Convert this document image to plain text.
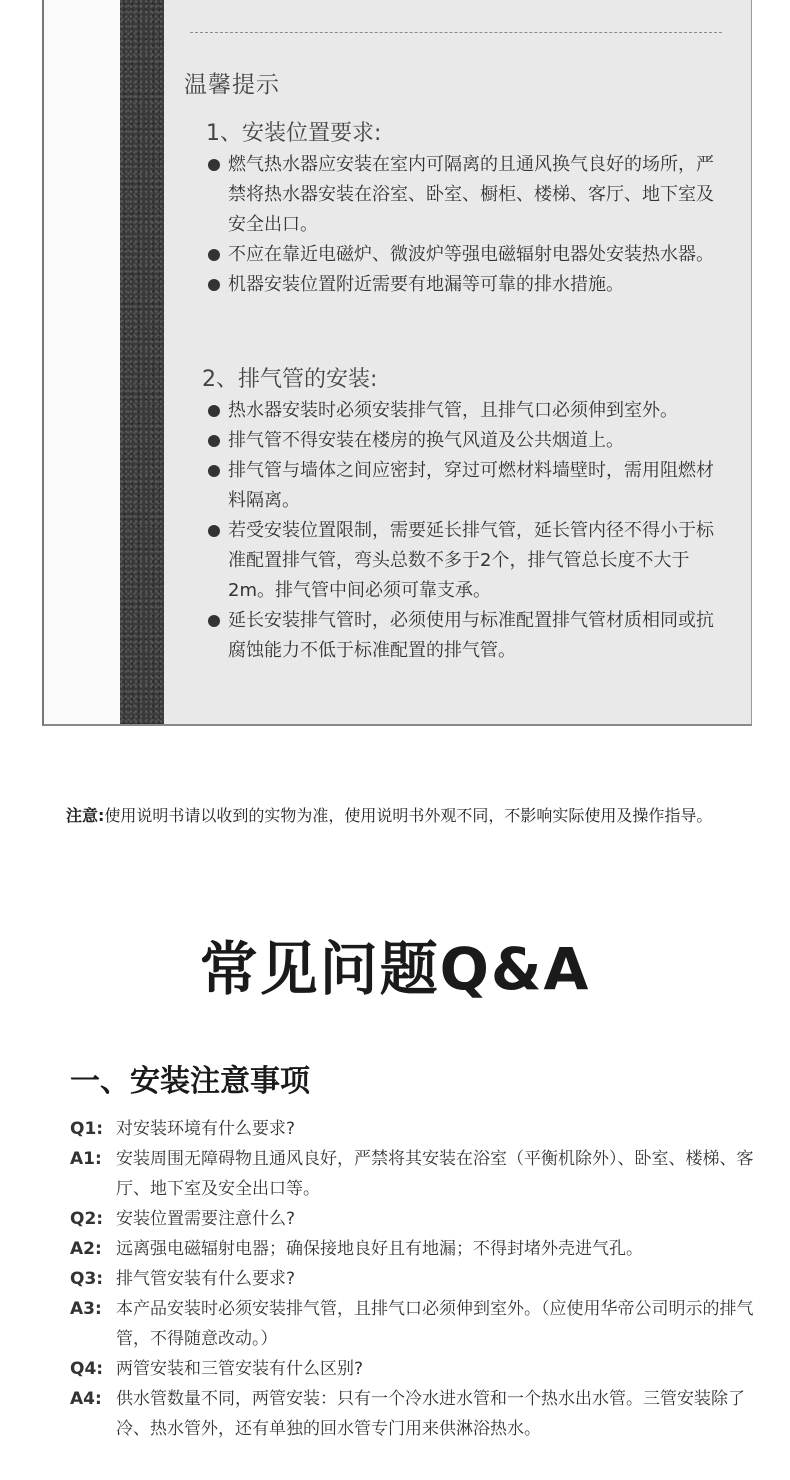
温馨提示
1、安装位置要求:
燃气热水器应安装在室内可隔离的且通风换气良好的场所，严禁将热水器安装在浴室、卧室、橱柜、楼梯、客厅、地下室及安全出口。
不应在靠近电磁炉、微波炉等强电磁辐射电器处安装热水器。
机器安装位置附近需要有地漏等可靠的排水措施。
2、排气管的安装:
热水器安装时必须安装排气管，且排气口必须伸到室外。
排气管不得安装在楼房的换气风道及公共烟道上。
排气管与墙体之间应密封，穿过可燃材料墙壁时，需用阻燃材料隔离。
若受安装位置限制，需要延长排气管，延长管内径不得小于标准配置排气管，弯头总数不多于2个，排气管总长度不大于2m。排气管中间必须可靠支承。
延长安装排气管时，必须使用与标准配置排气管材质相同或抗腐蚀能力不低于标准配置的排气管。
注意:使用说明书请以收到的实物为准，使用说明书外观不同，不影响实际使用及操作指导。
常见问题Q&A
一、安装注意事项
Q1: 对安装环境有什么要求?
A1: 安装周围无障碍物且通风良好，严禁将其安装在浴室（平衡机除外）、卧室、楼梯、客厅、地下室及安全出口等。
Q2: 安装位置需要注意什么?
A2: 远离强电磁辐射电器；确保接地良好且有地漏；不得封堵外壳进气孔。
Q3: 排气管安装有什么要求?
A3: 本产品安装时必须安装排气管，且排气口必须伸到室外。（应使用华帝公司明示的排气管，不得随意改动。）
Q4: 两管安装和三管安装有什么区别?
A4: 供水管数量不同，两管安装：只有一个冷水进水管和一个热水出水管。三管安装除了冷、热水管外，还有单独的回水管专门用来供淋浴热水。
